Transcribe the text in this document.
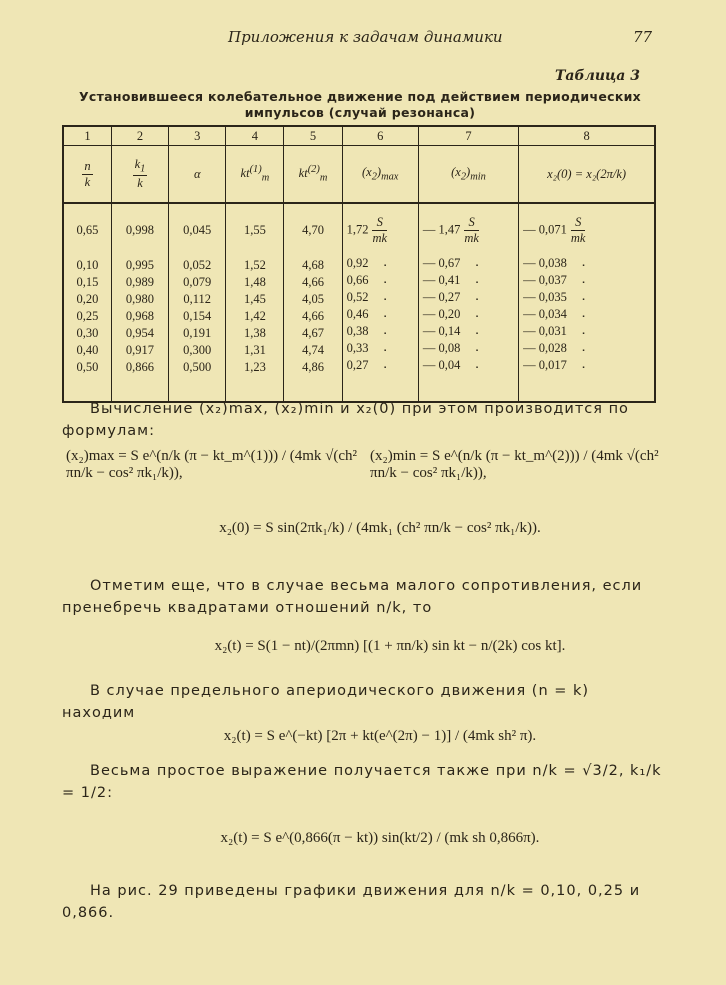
Приложения к задачам динамики	77
Таблица 3
Установившееся колебательное движение под действием периодических импульсов (случай резонанса)
1	2	3	4	5	6	7	8

$\frac{n}{k}$	$\frac{k_1}{k}$	α	$kt^{(1)}_m$	$kt^{(2)}_m$	$(x_2)_{max}$	$(x_2)_{min}$	x₂(0) = x₂(2π/k)
0,65	0,998	0,045	1,55	4,70	$1,72 \frac{S}{mk}$	— $1,47 \frac{S}{mk}$	— $0,071 \frac{S}{mk}$

0,10	0,995	0,052	1,52	4,68	0,92 ▪	— 0,67 ▪	— 0,038 ▪
0,15	0,989	0,079	1,48	4,66	0,66 ▪	— 0,41 ▪	— 0,037 ▪
0,20	0,980	0,112	1,45	4,05	0,52 ▪	— 0,27 ▪	— 0,035 ▪
0,25	0,968	0,154	1,42	4,66	0,46 ▪	— 0,20 ▪	— 0,034 ▪
0,30	0,954	0,191	1,38	4,67	0,38 ▪	— 0,14 ▪	— 0,031 ▪
0,40	0,917	0,300	1,31	4,74	0,33 ▪	— 0,08 ▪	— 0,028 ▪
0,50	0,866	0,500	1,23	4,86	0,27 ▪	— 0,04 ▪	— 0,017 ▪

Вычисление (x₂)max, (x₂)min и x₂(0) при этом производится по формулам:
(x₂)max = S e^(n/k (π − kt_m^(1))) / (4mk √(ch² πn/k − cos² πk₁/k)),
(x₂)min = S e^(n/k (π − kt_m^(2))) / (4mk √(ch² πn/k − cos² πk₁/k)),
x₂(0) = S sin(2πk₁/k) / (4mk₁ (ch² πn/k − cos² πk₁/k)).
Отметим еще, что в случае весьма малого сопротивления, если пренебречь квадратами отношений n/k, то
x₂(t) = S(1 − nt)/(2πmn) [(1 + πn/k) sin kt − n/(2k) cos kt].
В случае предельного апериодического движения (n = k) находим
x₂(t) = S e^(−kt) [2π + kt(e^(2π) − 1)] / (4mk sh² π).
Весьма простое выражение получается также при n/k = √3/2, k₁/k = 1/2:
x₂(t) = S e^(0,866(π − kt)) sin(kt/2) / (mk sh 0,866π).
На рис. 29 приведены графики движения для n/k = 0,10, 0,25 и 0,866.
